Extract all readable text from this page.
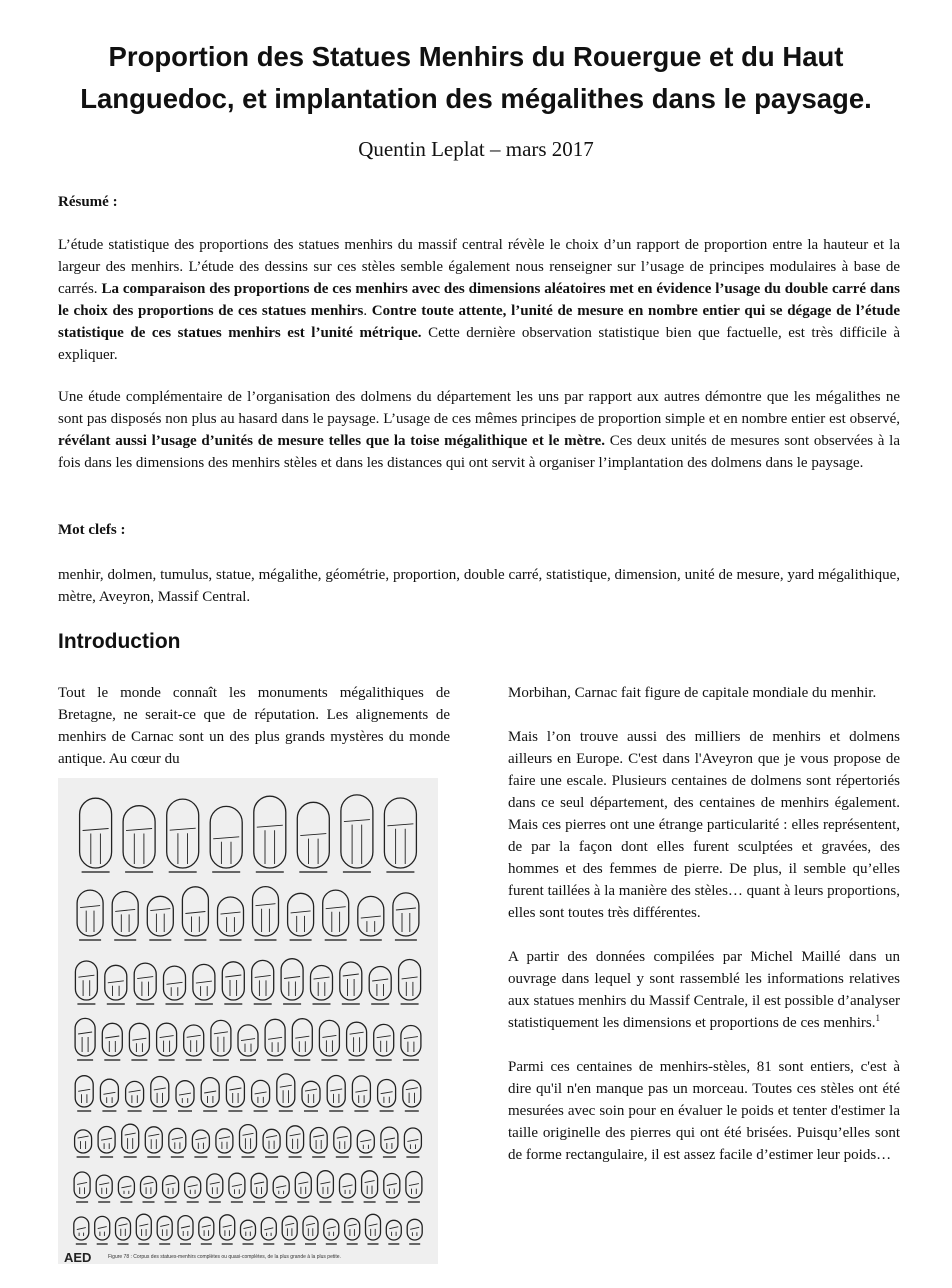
Proportion des Statues Menhirs du Rouergue et du Haut Languedoc, et implantation des mégalithes dans le paysage.
Quentin Leplat – mars 2017
Résumé :
L’étude statistique des proportions des statues menhirs du massif central révèle le choix d’un rapport de proportion entre la hauteur et la largeur des menhirs. L’étude des dessins sur ces stèles semble également nous renseigner sur l’usage de principes modulaires à base de carrés. La comparaison des proportions de ces menhirs avec des dimensions aléatoires met en évidence l’usage du double carré dans le choix des proportions de ces statues menhirs. Contre toute attente, l’unité de mesure en nombre entier qui se dégage de l’étude statistique de ces statues menhirs est l’unité métrique. Cette dernière observation statistique bien que factuelle, est très difficile à expliquer.
Une étude complémentaire de l’organisation des dolmens du département les uns par rapport aux autres démontre que les mégalithes ne sont pas disposés non plus au hasard dans le paysage. L’usage de ces mêmes principes de proportion simple et en nombre entier est observé, révélant aussi l’usage d’unités de mesure telles que la toise mégalithique et le mètre. Ces deux unités de mesures sont observées à la fois dans les dimensions des menhirs stèles et dans les distances qui ont servit à organiser l’implantation des dolmens dans le paysage.
Mot clefs :
menhir, dolmen, tumulus, statue, mégalithe, géométrie, proportion, double carré, statistique, dimension, unité de mesure, yard mégalithique, mètre, Aveyron, Massif Central.
Introduction

Tout le monde connaît les monuments mégalithiques de Bretagne, ne serait-ce que de réputation. Les alignements de menhirs de Carnac sont un des plus grands mystères du monde antique. Au cœur du

Figure 78 : Corpus des statues-menhirs complètes ou quasi-complètes, de la plus grande à la plus petite.
AED

Morbihan, Carnac fait figure de capitale mondiale du menhir.

Mais l’on trouve aussi des milliers de menhirs et dolmens ailleurs en Europe. C'est dans l'Aveyron que je vous propose de faire une escale. Plusieurs centaines de dolmens sont répertoriés dans ce seul département, des centaines de menhirs également. Mais ces pierres ont une étrange particularité : elles représentent, de par la façon dont elles furent sculptées et gravées, des hommes et des femmes de pierre. De plus, il semble qu’elles furent taillées à la manière des stèles… quant à leurs proportions, elles sont toutes très différentes.

A partir des données compilées par Michel Maillé dans un ouvrage dans lequel y sont rassemblé les informations relatives aux statues menhirs du Massif Centrale, il est possible d’analyser statistiquement les dimensions et proportions de ces menhirs.$^1$

Parmi ces centaines de menhirs-stèles, 81 sont entiers, c'est à dire qu'il n'en manque pas un morceau. Toutes ces stèles ont été mesurées avec soin pour en évaluer le poids et tenter d'estimer la taille originelle des pierres qui ont été brisées. Puisqu’elles sont de forme rectangulaire, il est assez facile d’estimer leur poids…
